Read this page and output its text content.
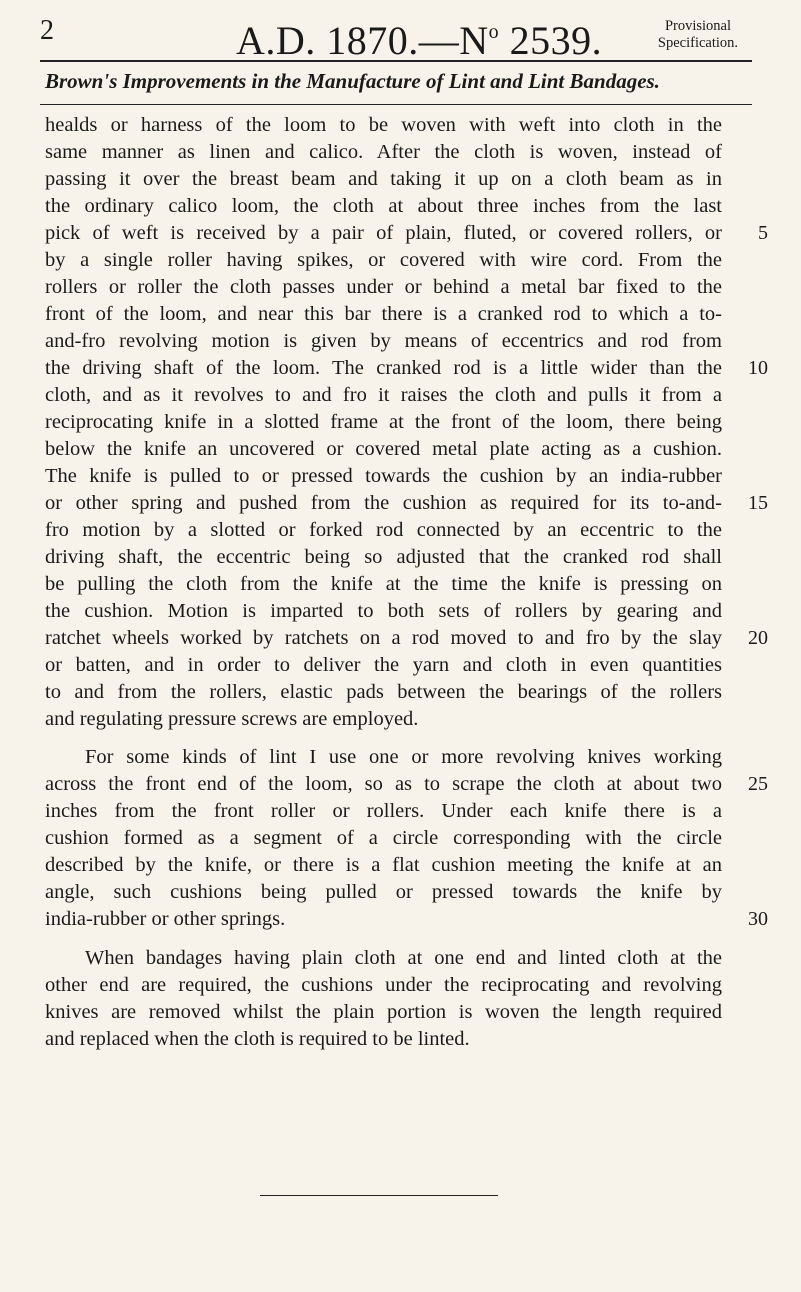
2	A.D. $1870.—N^o$ 2539.	Provisional
Specification.
Brown's Improvements in the Manufacture of Lint and Lint Bandages.
healds or harness of the loom to be woven with weft into cloth in the
same manner as linen and calico. After the cloth is woven, instead of
passing it over the breast beam and taking it up on a cloth beam as in
the ordinary calico loom, the cloth at about three inches from the last
pick of weft is received by a pair of plain, fluted, or covered rollers, or
by a single roller having spikes, or covered with wire cord. From the
rollers or roller the cloth passes under or behind a metal bar fixed to the
front of the loom, and near this bar there is a cranked rod to which a to-
and-fro revolving motion is given by means of eccentrics and rod from
the driving shaft of the loom. The cranked rod is a little wider than the
cloth, and as it revolves to and fro it raises the cloth and pulls it from a
reciprocating knife in a slotted frame at the front of the loom, there being
below the knife an uncovered or covered metal plate acting as a cushion.
The knife is pulled to or pressed towards the cushion by an india-rubber
or other spring and pushed from the cushion as required for its to-and-
fro motion by a slotted or forked rod connected by an eccentric to the
driving shaft, the eccentric being so adjusted that the cranked rod shall
be pulling the cloth from the knife at the time the knife is pressing on
the cushion. Motion is imparted to both sets of rollers by gearing and
ratchet wheels worked by ratchets on a rod moved to and fro by the slay
or batten, and in order to deliver the yarn and cloth in even quantities
to and from the rollers, elastic pads between the bearings of the rollers
and regulating pressure screws are employed.
For some kinds of lint I use one or more revolving knives working
across the front end of the loom, so as to scrape the cloth at about two
inches from the front roller or rollers. Under each knife there is a
cushion formed as a segment of a circle corresponding with the circle
described by the knife, or there is a flat cushion meeting the knife at an
angle, such cushions being pulled or pressed towards the knife by
india-rubber or other springs.
When bandages having plain cloth at one end and linted cloth at the
other end are required, the cushions under the reciprocating and revolving
knives are removed whilst the plain portion is woven the length required
and replaced when the cloth is required to be linted.
5
10
15
20
25
30
